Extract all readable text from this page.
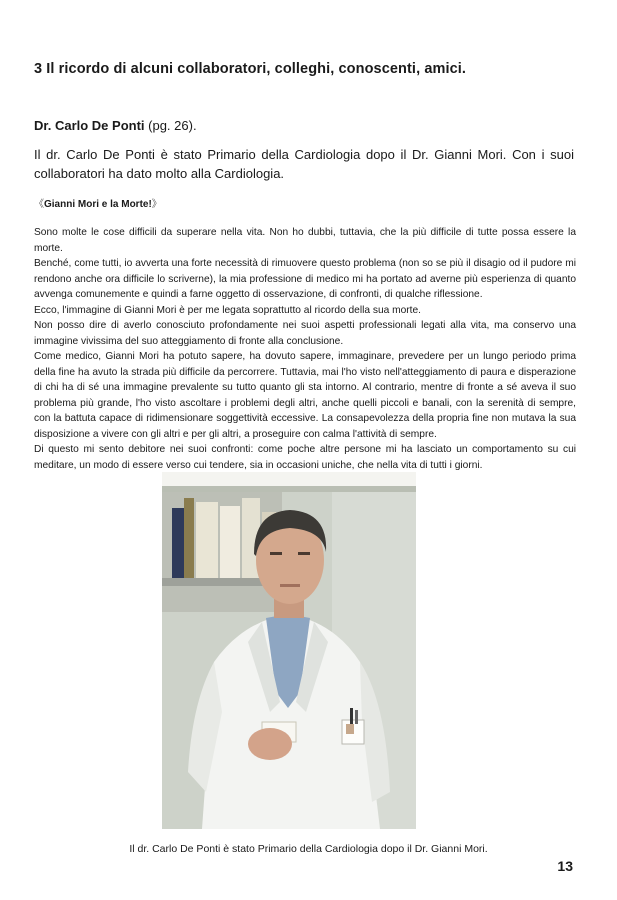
3 Il ricordo di alcuni collaboratori, colleghi, conoscenti, amici.
Dr. Carlo De Ponti (pg. 26).
Il dr. Carlo De Ponti è stato Primario della Cardiologia dopo il Dr. Gianni Mori. Con i suoi collaboratori ha dato molto alla Cardiologia.
《Gianni Mori e la Morte!》

Sono molte le cose difficili da superare nella vita. Non ho dubbi, tuttavia, che la più difficile di tutte possa essere la morte.

Benché, come tutti, io avverta una forte necessità di rimuovere questo problema (non so se più il disagio od il pudore mi rendono anche ora difficile lo scriverne), la mia professione di medico mi ha portato ad averne più esperienza di quanto avvenga comunemente e quindi a farne oggetto di osservazione, di confronti, di qualche riflessione.

Ecco, l'immagine di Gianni Mori è per me legata soprattutto al ricordo della sua morte.

Non posso dire di averlo conosciuto profondamente nei suoi aspetti professionali legati alla vita, ma conservo una immagine vivissima del suo atteggiamento di fronte alla conclusione.

Come medico, Gianni Mori ha potuto sapere, ha dovuto sapere, immaginare, prevedere per un lungo periodo prima della fine ha avuto la strada più difficile da percorrere. Tuttavia, mai l'ho visto nell'atteggiamento di paura e disperazione di chi ha di sé una immagine prevalente su tutto quanto gli sta intorno. Al contrario, mentre di fronte a sé aveva il suo problema più grande, l'ho visto ascoltare i problemi degli altri, anche quelli piccoli e banali, con la serenità di sempre, con la battuta capace di ridimensionare soggettività eccessive. La consapevolezza della propria fine non mutava la sua disposizione a vivere con gli altri e per gli altri, a proseguire con calma l'attività di sempre.

Di questo mi sento debitore nei suoi confronti: come poche altre persone mi ha lasciato un comportamento su cui meditare, un modo di essere verso cui tendere, sia in occasioni uniche, che nella vita di tutti i giorni.

Il dr. Carlo De Ponti è stato Primario della Cardiologia dopo il Dr. Gianni Mori.
13
